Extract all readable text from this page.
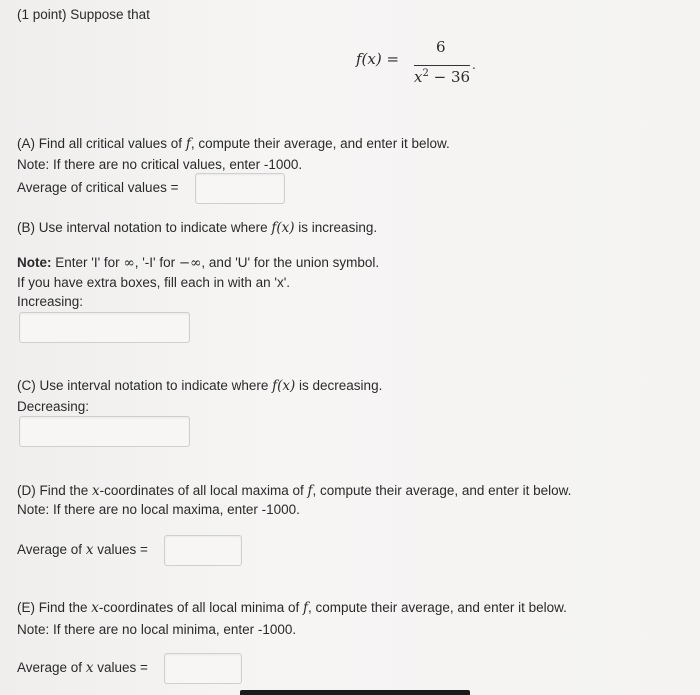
(1 point) Suppose that
f(x) =
6
$x^2 - 36$
.
(A) Find all critical values of f, compute their average, and enter it below.
Note: If there are no critical values, enter -1000.
Average of critical values =
(B) Use interval notation to indicate where f(x) is increasing.
Note: Enter 'I' for ∞, '-I' for −∞, and 'U' for the union symbol.
If you have extra boxes, fill each in with an 'x'.
Increasing:
(C) Use interval notation to indicate where f(x) is decreasing.
Decreasing:
(D) Find the x-coordinates of all local maxima of f, compute their average, and enter it below.
Note: If there are no local maxima, enter -1000.
Average of x values =
(E) Find the x-coordinates of all local minima of f, compute their average, and enter it below.
Note: If there are no local minima, enter -1000.
Average of x values =
